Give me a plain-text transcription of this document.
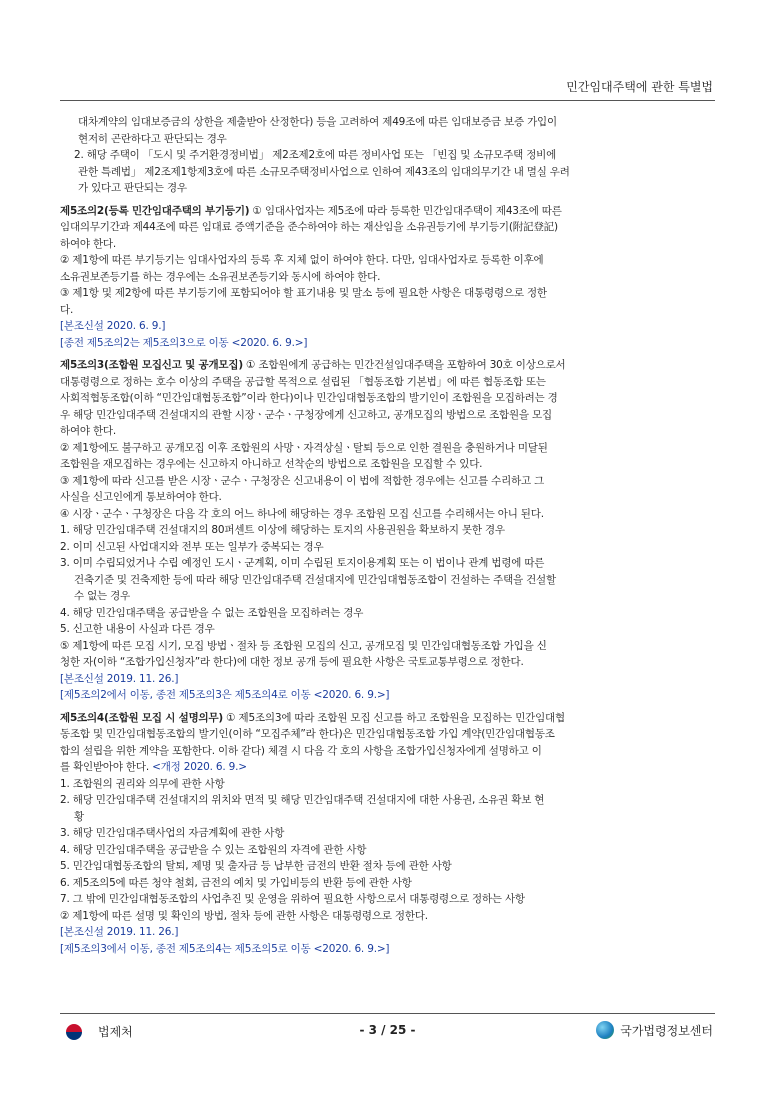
민간임대주택에 관한 특별법
대차계약의 임대보증금의 상한을 제출받아 산정한다) 등을 고려하여 제49조에 따른 임대보증금 보증 가입이
현저히 곤란하다고 판단되는 경우
2. 해당 주택이 「도시 및 주거환경정비법」 제2조제2호에 따른 정비사업 또는 「빈집 및 소규모주택 정비에
관한 특례법」 제2조제1항제3호에 따른 소규모주택정비사업으로 인하여 제43조의 임대의무기간 내 멸실 우려
가 있다고 판단되는 경우
제5조의2(등록 민간임대주택의 부기등기) ① 임대사업자는 제5조에 따라 등록한 민간임대주택이 제43조에 따른
임대의무기간과 제44조에 따른 임대료 증액기준을 준수하여야 하는 재산임을 소유권등기에 부기등기(附記登記)
하여야 한다.
② 제1항에 따른 부기등기는 임대사업자의 등록 후 지체 없이 하여야 한다. 다만, 임대사업자로 등록한 이후에
소유권보존등기를 하는 경우에는 소유권보존등기와 동시에 하여야 한다.
③ 제1항 및 제2항에 따른 부기등기에 포함되어야 할 표기내용 및 말소 등에 필요한 사항은 대통령령으로 정한
다.
[본조신설 2020. 6. 9.]
[종전 제5조의2는 제5조의3으로 이동 <2020. 6. 9.>]
제5조의3(조합원 모집신고 및 공개모집) ① 조합원에게 공급하는 민간건설임대주택을 포함하여 30호 이상으로서
대통령령으로 정하는 호수 이상의 주택을 공급할 목적으로 설립된 「협동조합 기본법」에 따른 협동조합 또는
사회적협동조합(이하 “민간임대협동조합”이라 한다)이나 민간임대협동조합의 발기인이 조합원을 모집하려는 경
우 해당 민간임대주택 건설대지의 관할 시장ㆍ군수ㆍ구청장에게 신고하고, 공개모집의 방법으로 조합원을 모집
하여야 한다.
② 제1항에도 불구하고 공개모집 이후 조합원의 사망ㆍ자격상실ㆍ탈퇴 등으로 인한 결원을 충원하거나 미달된
조합원을 재모집하는 경우에는 신고하지 아니하고 선착순의 방법으로 조합원을 모집할 수 있다.
③ 제1항에 따라 신고를 받은 시장ㆍ군수ㆍ구청장은 신고내용이 이 법에 적합한 경우에는 신고를 수리하고 그
사실을 신고인에게 통보하여야 한다.
④ 시장ㆍ군수ㆍ구청장은 다음 각 호의 어느 하나에 해당하는 경우 조합원 모집 신고를 수리해서는 아니 된다.
1. 해당 민간임대주택 건설대지의 80퍼센트 이상에 해당하는 토지의 사용권원을 확보하지 못한 경우
2. 이미 신고된 사업대지와 전부 또는 일부가 중복되는 경우
3. 이미 수립되었거나 수립 예정인 도시ㆍ군계획, 이미 수립된 토지이용계획 또는 이 법이나 관계 법령에 따른
건축기준 및 건축제한 등에 따라 해당 민간임대주택 건설대지에 민간임대협동조합이 건설하는 주택을 건설할
수 없는 경우
4. 해당 민간임대주택을 공급받을 수 없는 조합원을 모집하려는 경우
5. 신고한 내용이 사실과 다른 경우
⑤ 제1항에 따른 모집 시기, 모집 방법ㆍ절차 등 조합원 모집의 신고, 공개모집 및 민간임대협동조합 가입을 신
청한 자(이하 “조합가입신청자”라 한다)에 대한 정보 공개 등에 필요한 사항은 국토교통부령으로 정한다.
[본조신설 2019. 11. 26.]
[제5조의2에서 이동, 종전 제5조의3은 제5조의4로 이동 <2020. 6. 9.>]
제5조의4(조합원 모집 시 설명의무) ① 제5조의3에 따라 조합원 모집 신고를 하고 조합원을 모집하는 민간임대협
동조합 및 민간임대협동조합의 발기인(이하 “모집주체”라 한다)은 민간임대협동조합 가입 계약(민간임대협동조
합의 설립을 위한 계약을 포함한다. 이하 같다) 체결 시 다음 각 호의 사항을 조합가입신청자에게 설명하고 이
를 확인받아야 한다. <개정 2020. 6. 9.>
1. 조합원의 권리와 의무에 관한 사항
2. 해당 민간임대주택 건설대지의 위치와 면적 및 해당 민간임대주택 건설대지에 대한 사용권, 소유권 확보 현
황
3. 해당 민간임대주택사업의 자금계획에 관한 사항
4. 해당 민간임대주택을 공급받을 수 있는 조합원의 자격에 관한 사항
5. 민간임대협동조합의 탈퇴, 제명 및 출자금 등 납부한 금전의 반환 절차 등에 관한 사항
6. 제5조의5에 따른 청약 철회, 금전의 예치 및 가입비등의 반환 등에 관한 사항
7. 그 밖에 민간임대협동조합의 사업추진 및 운영을 위하여 필요한 사항으로서 대통령령으로 정하는 사항
② 제1항에 따른 설명 및 확인의 방법, 절차 등에 관한 사항은 대통령령으로 정한다.
[본조신설 2019. 11. 26.]
[제5조의3에서 이동, 종전 제5조의4는 제5조의5로 이동 <2020. 6. 9.>]
법제처	- 3 / 25 -	국가법령정보센터
